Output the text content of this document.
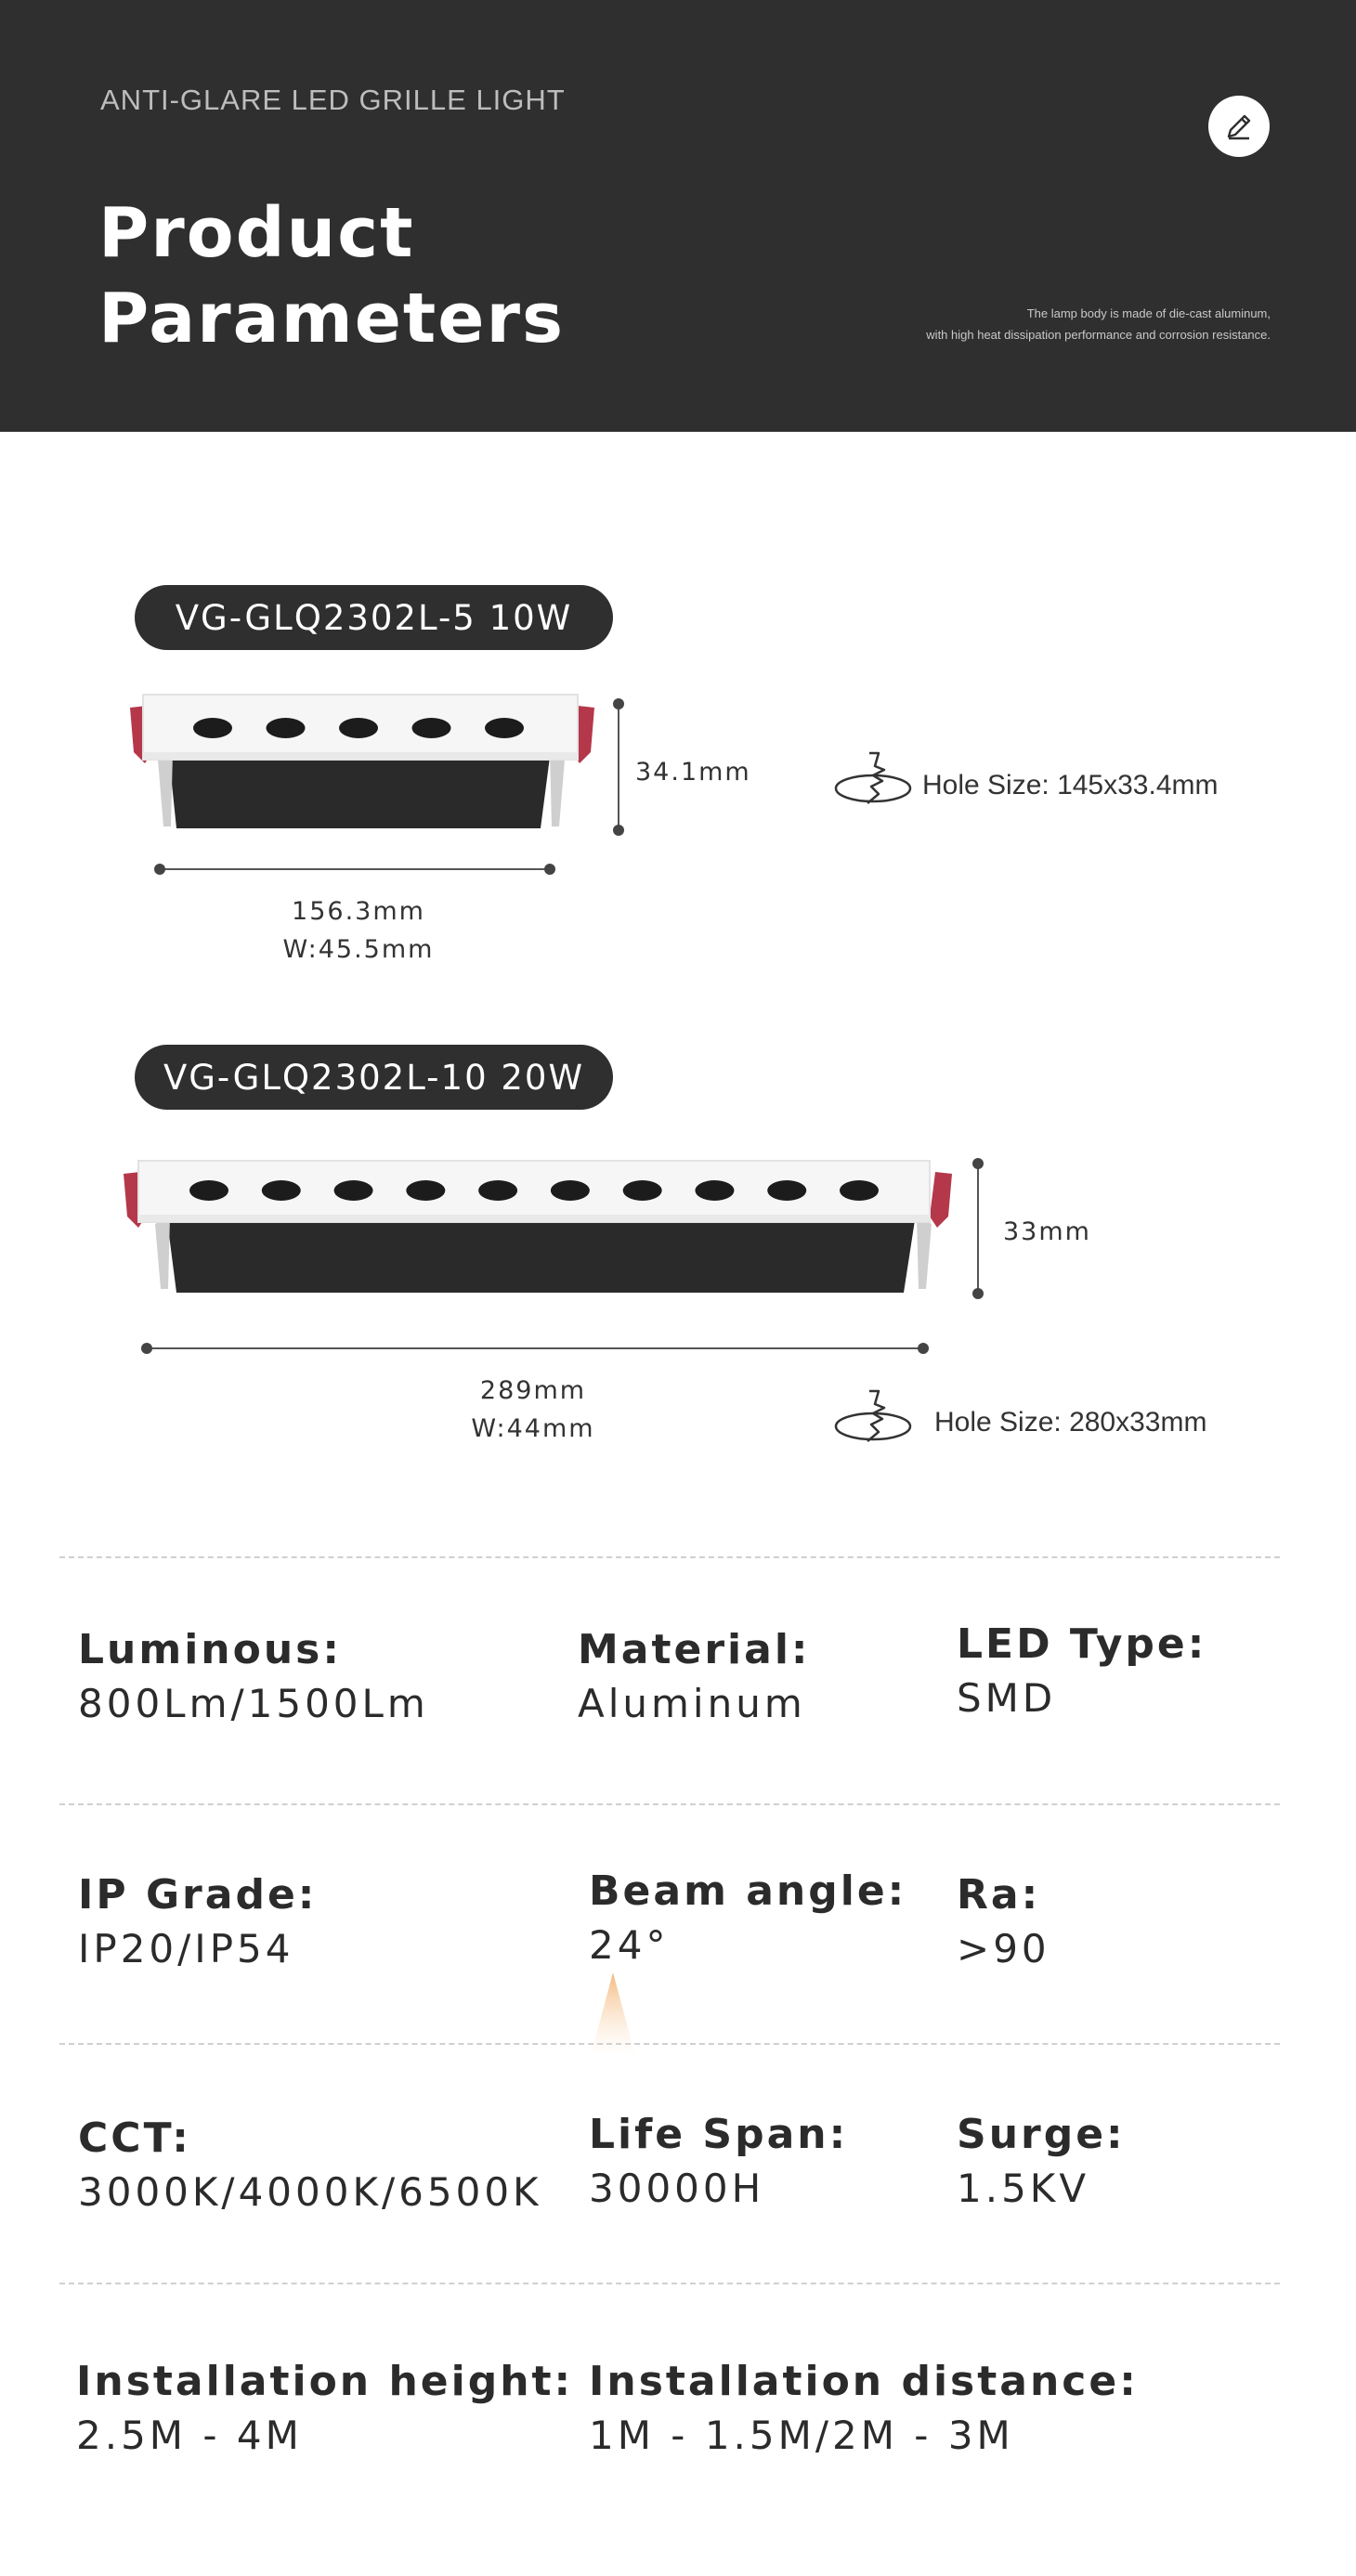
ANTI-GLARE LED GRILLE LIGHT
Product
Parameters	The lamp body is made of die-cast aluminum,
with high heat dissipation performance and corrosion resistance.
VG-GLQ2302L-5 10W
34.1mm
156.3mm
W:45.5mm
Hole Size: 145x33.4mm
VG-GLQ2302L-10 20W
33mm
289mm
W:44mm	Hole Size: 280x33mm
Luminous:
800Lm/1500Lm
Material:
Aluminum
LED Type:
SMD
IP Grade:
IP20/IP54
Beam angle:
24°
Ra:
>90
CCT:
3000K/4000K/6500K
Life Span:
30000H
Surge:
1.5KV
Installation height:
2.5M - 4M
Installation distance:
1M - 1.5M/2M - 3M
